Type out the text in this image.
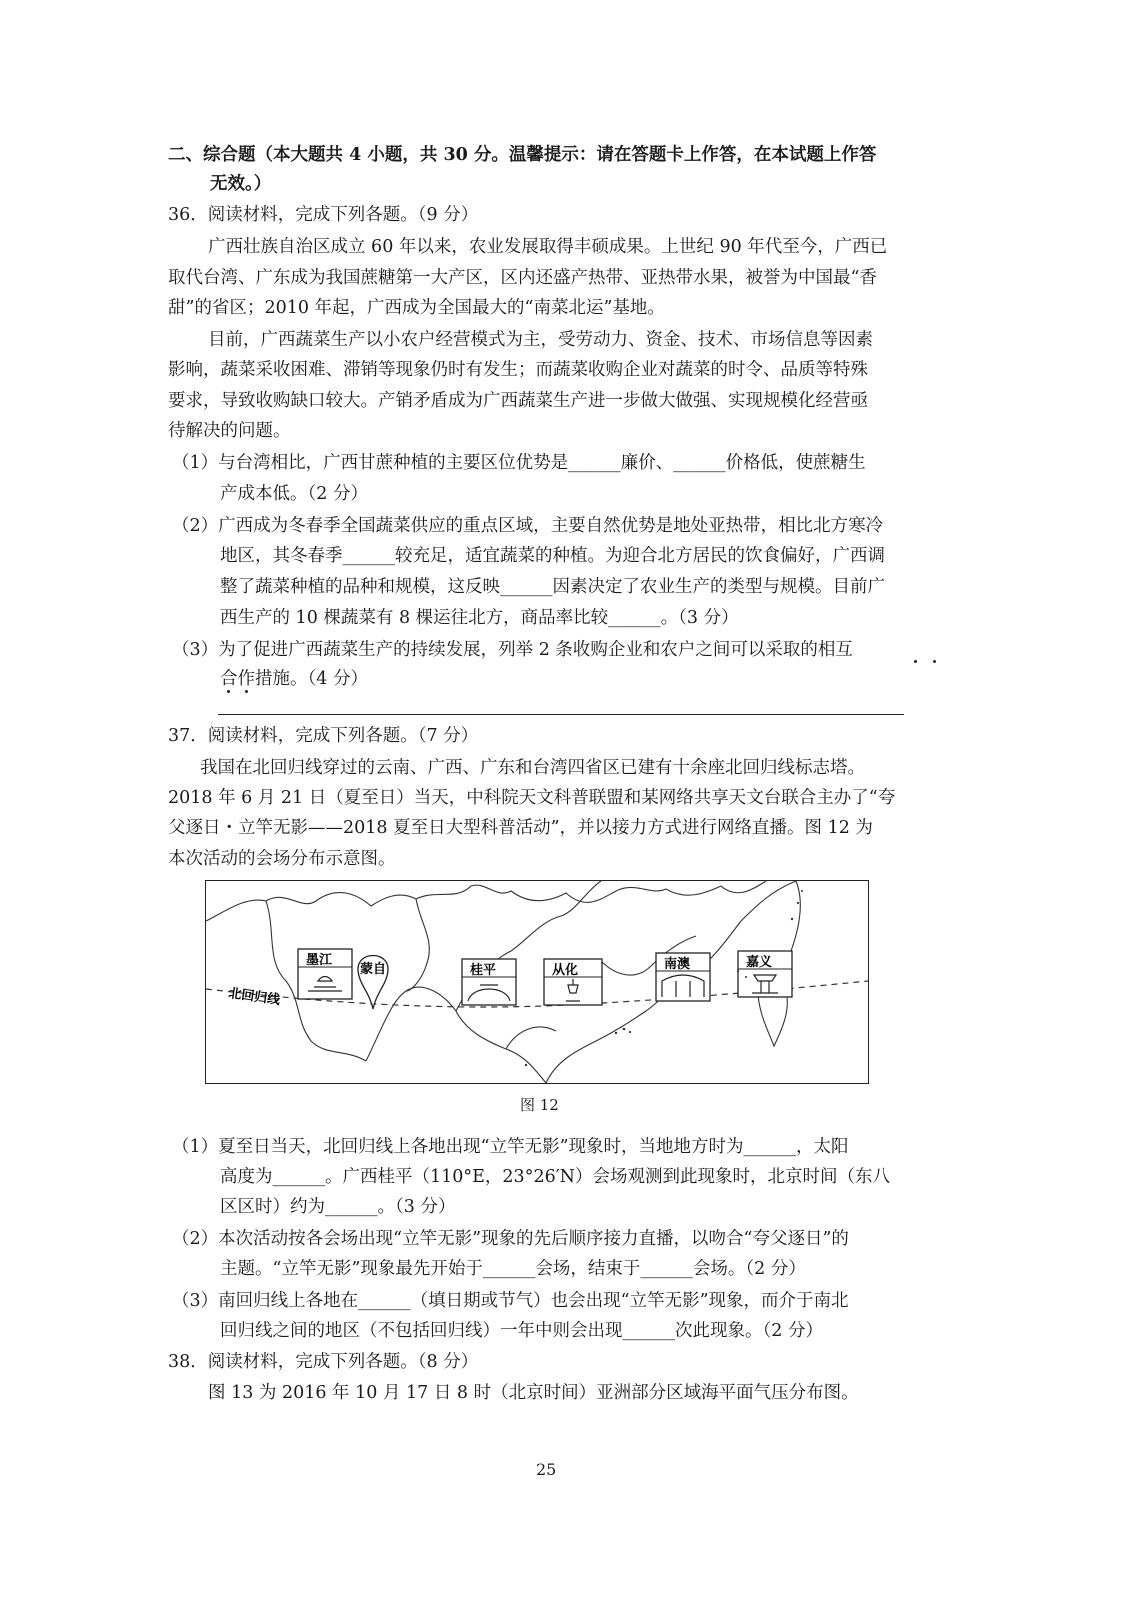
二、综合题（本大题共 4 小题，共 30 分。温馨提示：请在答题卡上作答，在本试题上作答
无效。）
36．阅读材料，完成下列各题。（9 分）
广西壮族自治区成立 60 年以来，农业发展取得丰硕成果。上世纪 90 年代至今，广西已
取代台湾、广东成为我国蔗糖第一大产区，区内还盛产热带、亚热带水果，被誉为中国最“香
甜”的省区；2010 年起，广西成为全国最大的“南菜北运”基地。
目前，广西蔬菜生产以小农户经营模式为主，受劳动力、资金、技术、市场信息等因素
影响，蔬菜采收困难、滞销等现象仍时有发生；而蔬菜收购企业对蔬菜的时令、品质等特殊
要求，导致收购缺口较大。产销矛盾成为广西蔬菜生产进一步做大做强、实现规模化经营亟
待解决的问题。
（1）与台湾相比，广西甘蔗种植的主要区位优势是______廉价、______价格低，使蔗糖生
产成本低。（2 分）
（2）广西成为冬春季全国蔬菜供应的重点区域，主要自然优势是地处亚热带，相比北方寒冷
地区，其冬春季______较充足，适宜蔬菜的种植。为迎合北方居民的饮食偏好，广西调
整了蔬菜种植的品种和规模，这反映______因素决定了农业生产的类型与规模。目前广
西生产的 10 棵蔬菜有 8 棵运往北方，商品率比较______。（3 分）
（3）为了促进广西蔬菜生产的持续发展，列举 2 条收购企业和农户之间可以采取的相互
合作措施。（4 分）
37．阅读材料，完成下列各题。（7 分）
我国在北回归线穿过的云南、广西、广东和台湾四省区已建有十余座北回归线标志塔。
2018 年 6 月 21 日（夏至日）当天，中科院天文科普联盟和某网络共享天文台联合主办了“夸
父逐日・立竿无影——2018 夏至日大型科普活动”，并以接力方式进行网络直播。图 12 为
本次活动的会场分布示意图。
北回归线
墨江
蒙自	桂平	从化	南澳	嘉义
图 12
（1）夏至日当天，北回归线上各地出现“立竿无影”现象时，当地地方时为______，太阳
高度为______。广西桂平（110°E，23°26′N）会场观测到此现象时，北京时间（东八
区区时）约为______。（3 分）
（2）本次活动按各会场出现“立竿无影”现象的先后顺序接力直播，以吻合“夸父逐日”的
主题。“立竿无影”现象最先开始于______会场，结束于______会场。（2 分）
（3）南回归线上各地在______（填日期或节气）也会出现“立竿无影”现象，而介于南北
回归线之间的地区（不包括回归线）一年中则会出现______次此现象。（2 分）
38．阅读材料，完成下列各题。（8 分）
图 13 为 2016 年 10 月 17 日 8 时（北京时间）亚洲部分区域海平面气压分布图。
25
